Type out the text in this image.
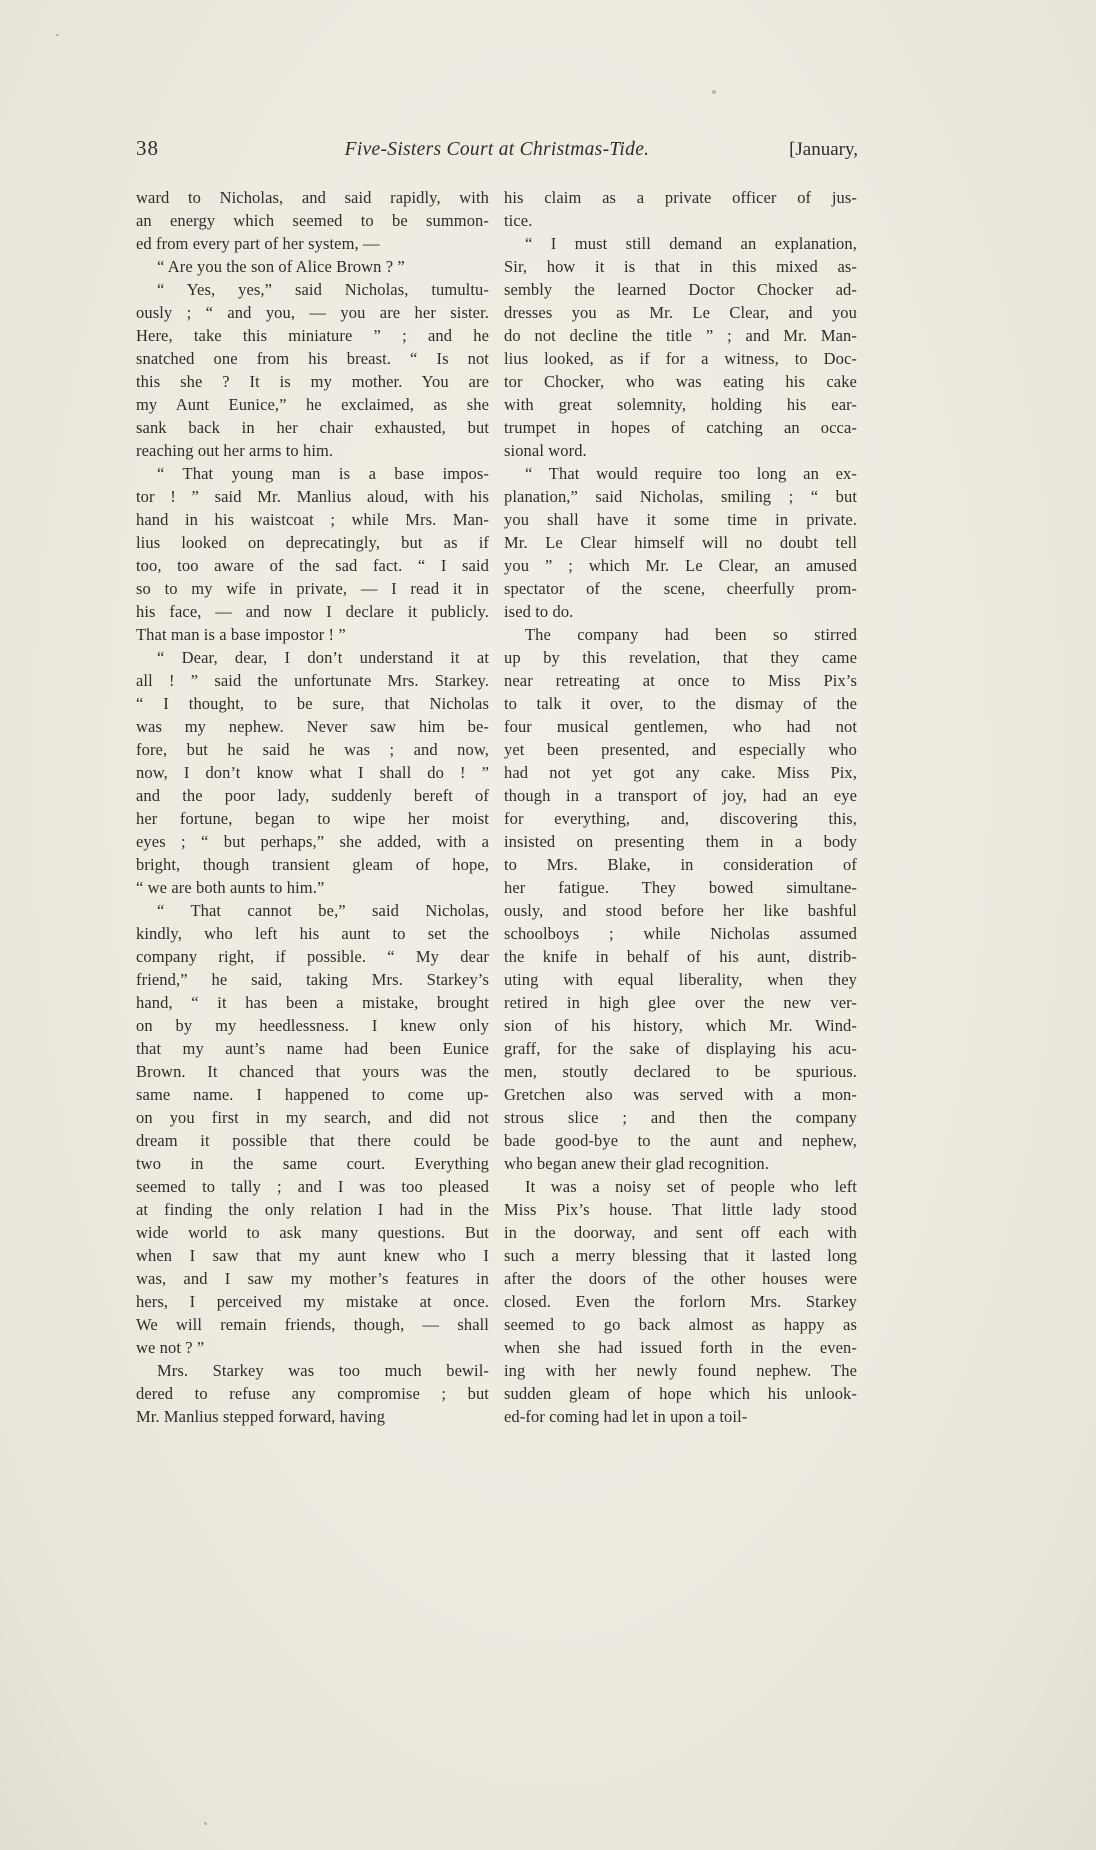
38	Five-Sisters Court at Christmas-Tide.	[January,
ward to Nicholas, and said rapidly, with
an energy which seemed to be summon-
ed from every part of her system, —
“ Are you the son of Alice Brown ? ”
“ Yes, yes,” said Nicholas, tumultu-
ously ; “ and you, — you are her sister.
Here, take this miniature ” ; and he
snatched one from his breast. “ Is not
this she ? It is my mother. You are
my Aunt Eunice,” he exclaimed, as she
sank back in her chair exhausted, but
reaching out her arms to him.
“ That young man is a base impos-
tor ! ” said Mr. Manlius aloud, with his
hand in his waistcoat ; while Mrs. Man-
lius looked on deprecatingly, but as if
too, too aware of the sad fact. “ I said
so to my wife in private, — I read it in
his face, — and now I declare it publicly.
That man is a base impostor ! ”
“ Dear, dear, I don’t understand it at
all ! ” said the unfortunate Mrs. Starkey.
“ I thought, to be sure, that Nicholas
was my nephew. Never saw him be-
fore, but he said he was ; and now,
now, I don’t know what I shall do ! ”
and the poor lady, suddenly bereft of
her fortune, began to wipe her moist
eyes ; “ but perhaps,” she added, with a
bright, though transient gleam of hope,
“ we are both aunts to him.”
“ That cannot be,” said Nicholas,
kindly, who left his aunt to set the
company right, if possible. “ My dear
friend,” he said, taking Mrs. Starkey’s
hand, “ it has been a mistake, brought
on by my heedlessness. I knew only
that my aunt’s name had been Eunice
Brown. It chanced that yours was the
same name. I happened to come up-
on you first in my search, and did not
dream it possible that there could be
two in the same court. Everything
seemed to tally ; and I was too pleased
at finding the only relation I had in the
wide world to ask many questions. But
when I saw that my aunt knew who I
was, and I saw my mother’s features in
hers, I perceived my mistake at once.
We will remain friends, though, — shall
we not ? ”
Mrs. Starkey was too much bewil-
dered to refuse any compromise ; but
Mr. Manlius stepped forward, having
his claim as a private officer of jus-
tice.
“ I must still demand an explanation,
Sir, how it is that in this mixed as-
sembly the learned Doctor Chocker ad-
dresses you as Mr. Le Clear, and you
do not decline the title ” ; and Mr. Man-
lius looked, as if for a witness, to Doc-
tor Chocker, who was eating his cake
with great solemnity, holding his ear-
trumpet in hopes of catching an occa-
sional word.
“ That would require too long an ex-
planation,” said Nicholas, smiling ; “ but
you shall have it some time in private.
Mr. Le Clear himself will no doubt tell
you ” ; which Mr. Le Clear, an amused
spectator of the scene, cheerfully prom-
ised to do.
The company had been so stirred
up by this revelation, that they came
near retreating at once to Miss Pix’s
to talk it over, to the dismay of the
four musical gentlemen, who had not
yet been presented, and especially who
had not yet got any cake. Miss Pix,
though in a transport of joy, had an eye
for everything, and, discovering this,
insisted on presenting them in a body
to Mrs. Blake, in consideration of
her fatigue. They bowed simultane-
ously, and stood before her like bashful
schoolboys ; while Nicholas assumed
the knife in behalf of his aunt, distrib-
uting with equal liberality, when they
retired in high glee over the new ver-
sion of his history, which Mr. Wind-
graff, for the sake of displaying his acu-
men, stoutly declared to be spurious.
Gretchen also was served with a mon-
strous slice ; and then the company
bade good-bye to the aunt and nephew,
who began anew their glad recognition.
It was a noisy set of people who left
Miss Pix’s house. That little lady stood
in the doorway, and sent off each with
such a merry blessing that it lasted long
after the doors of the other houses were
closed. Even the forlorn Mrs. Starkey
seemed to go back almost as happy as
when she had issued forth in the even-
ing with her newly found nephew. The
sudden gleam of hope which his unlook-
ed-for coming had let in upon a toil-
